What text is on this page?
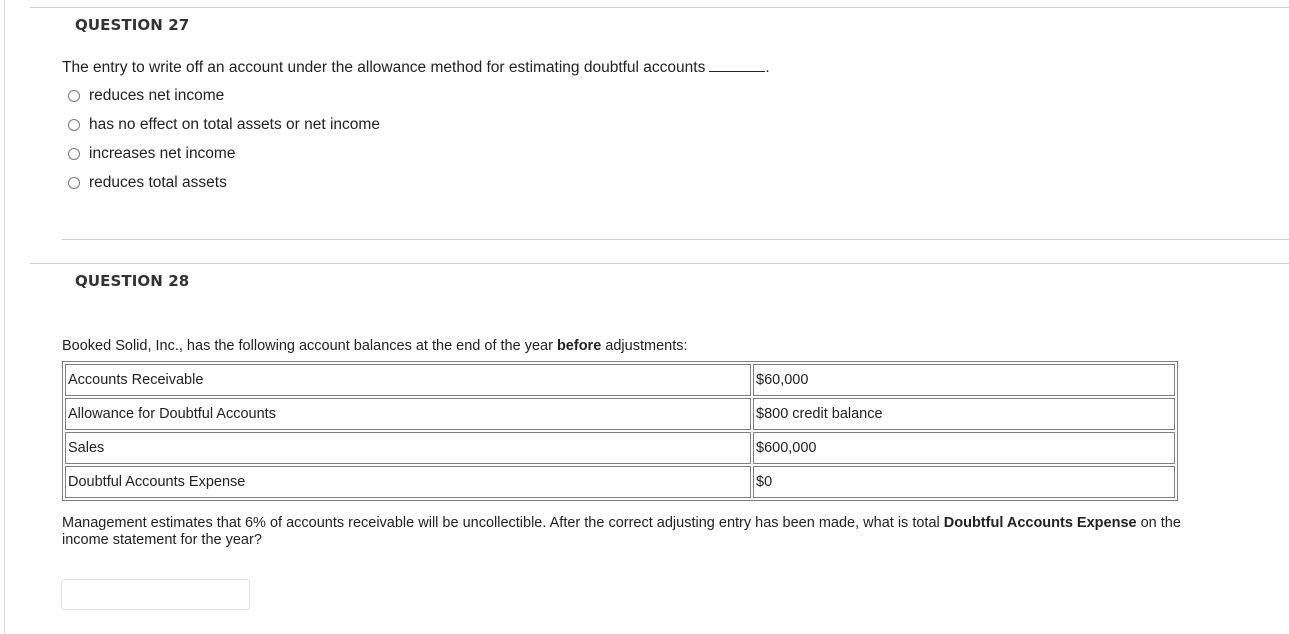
QUESTION 27
The entry to write off an account under the allowance method for estimating doubtful accounts	.
reduces net income
has no effect on total assets or net income
increases net income
reduces total assets
QUESTION 28
Booked Solid, Inc., has the following account balances at the end of the year before adjustments:
Accounts Receivable	$60,000
Allowance for Doubtful Accounts	$800 credit balance
Sales	$600,000
Doubtful Accounts Expense	$0
Management estimates that 6% of accounts receivable will be uncollectible. After the correct adjusting entry has been made, what is total Doubtful Accounts Expense on the income statement for the year?
